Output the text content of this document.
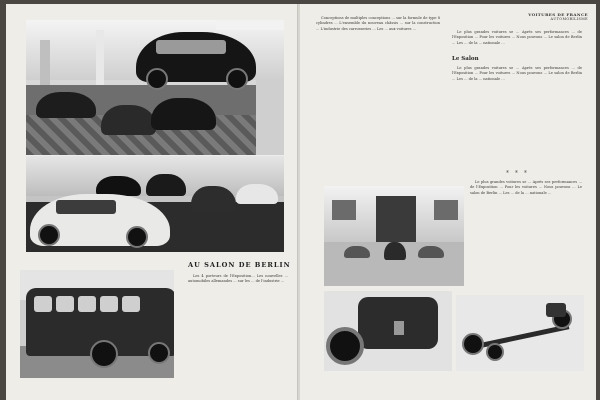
AU SALON DE BERLIN

Les 4 porteurs de l'Exposition... Les nouvelles ... automobiles allemandes ... sur les ... de l'industrie ...

VOITURES DE FRANCE
AUTOMOBILISME

Conceptions de multiples conceptions ... sur la formule de type 8 cylindres ... L'ensemble du nouveau châssis ... sur la construction ... L'industrie des carrosseries ... Les ... aux voitures ...

Le plus grandes voitures se ... Après ses performances ... de l'Exposition ... Pour les voitures ... Nous pouvons ... Le salon de Berlin ... Les ... de la ... nationale ...

Le Salon

Le plus grandes voitures se ... Après ses performances ... de l'Exposition ... Pour les voitures ... Nous pouvons ... Le salon de Berlin ... Les ... de la ... nationale ...

* * *

Le plus grandes voitures se ... Après ses performances ... de l'Exposition ... Pour les voitures ... Nous pouvons ... Le salon de Berlin ... Les ... de la ... nationale ...
